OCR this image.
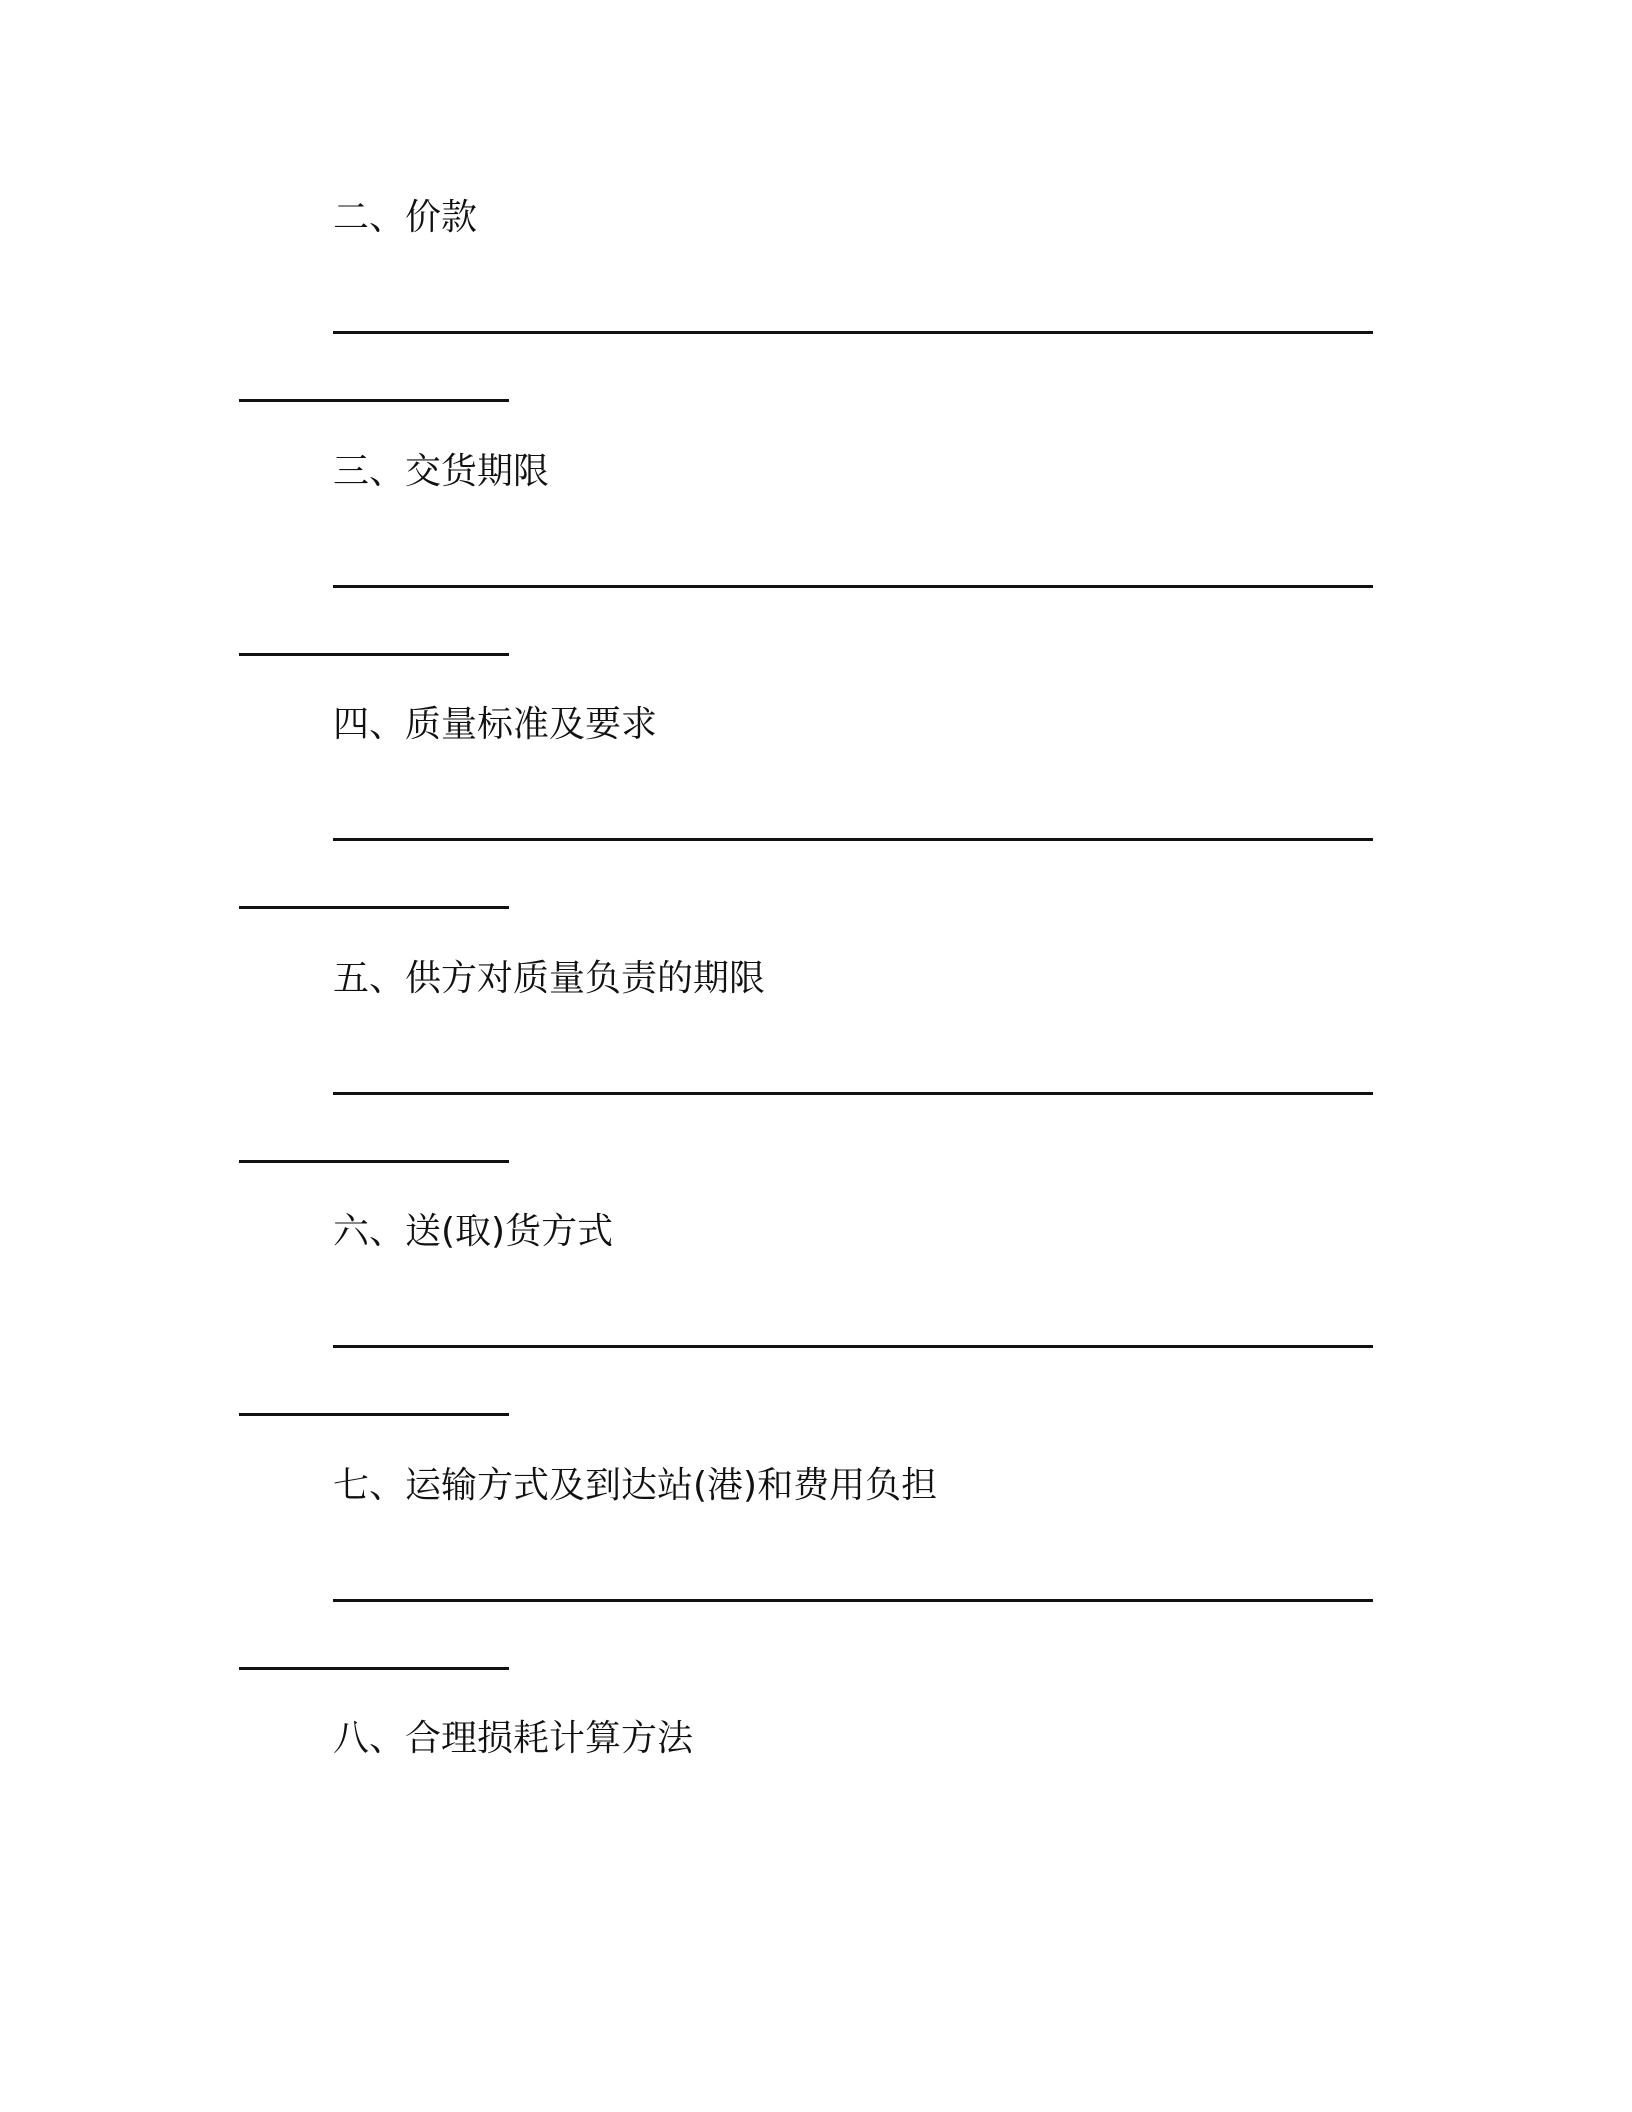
二、价款
三、交货期限
四、质量标准及要求
五、供方对质量负责的期限
六、送(取)货方式
七、运输方式及到达站(港)和费用负担
八、合理损耗计算方法
